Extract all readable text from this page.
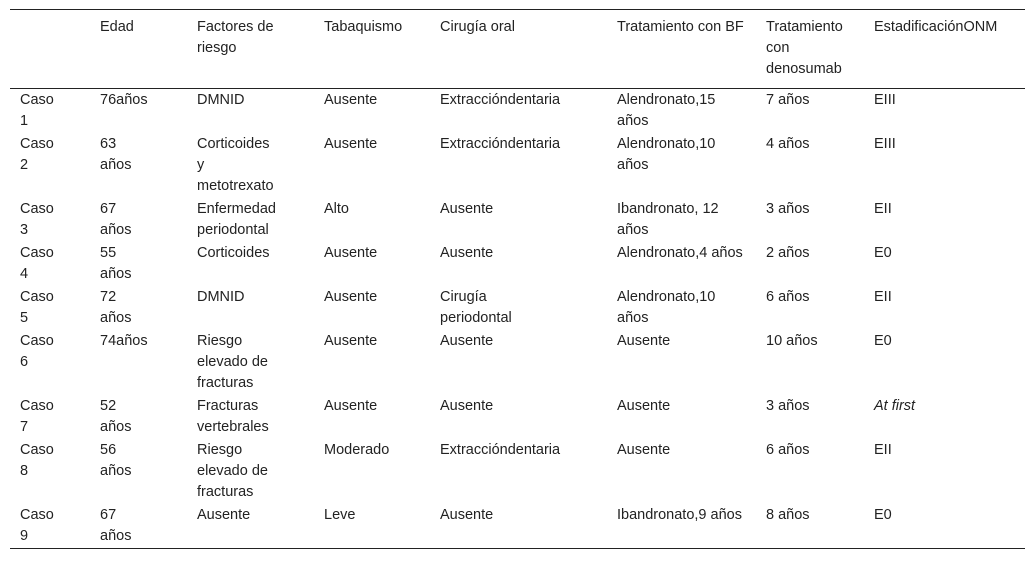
	Edad	Factores de riesgo	Tabaquismo	Cirugía oral	Tratamiento con BF	Tratamiento con denosumab	EstadificaciónONM
Caso 1	76años	DMNID	Ausente	Extraccióndentaria	Alendronato,15 años	7 años	EIII
Caso 2	63 años	Corticoides y metotrexato	Ausente	Extraccióndentaria	Alendronato,10 años	4 años	EIII
Caso 3	67 años	Enfermedad periodontal	Alto	Ausente	Ibandronato, 12 años	3 años	EII
Caso 4	55 años	Corticoides	Ausente	Ausente	Alendronato,4 años	2 años	E0
Caso 5	72 años	DMNID	Ausente	Cirugía periodontal	Alendronato,10 años	6 años	EII
Caso 6	74años	Riesgo elevado de fracturas	Ausente	Ausente	Ausente	10 años	E0
Caso 7	52 años	Fracturas vertebrales	Ausente	Ausente	Ausente	3 años	At first
Caso 8	56 años	Riesgo elevado de fracturas	Moderado	Extraccióndentaria	Ausente	6 años	EII
Caso 9	67 años	Ausente	Leve	Ausente	Ibandronato,9 años	8 años	E0
